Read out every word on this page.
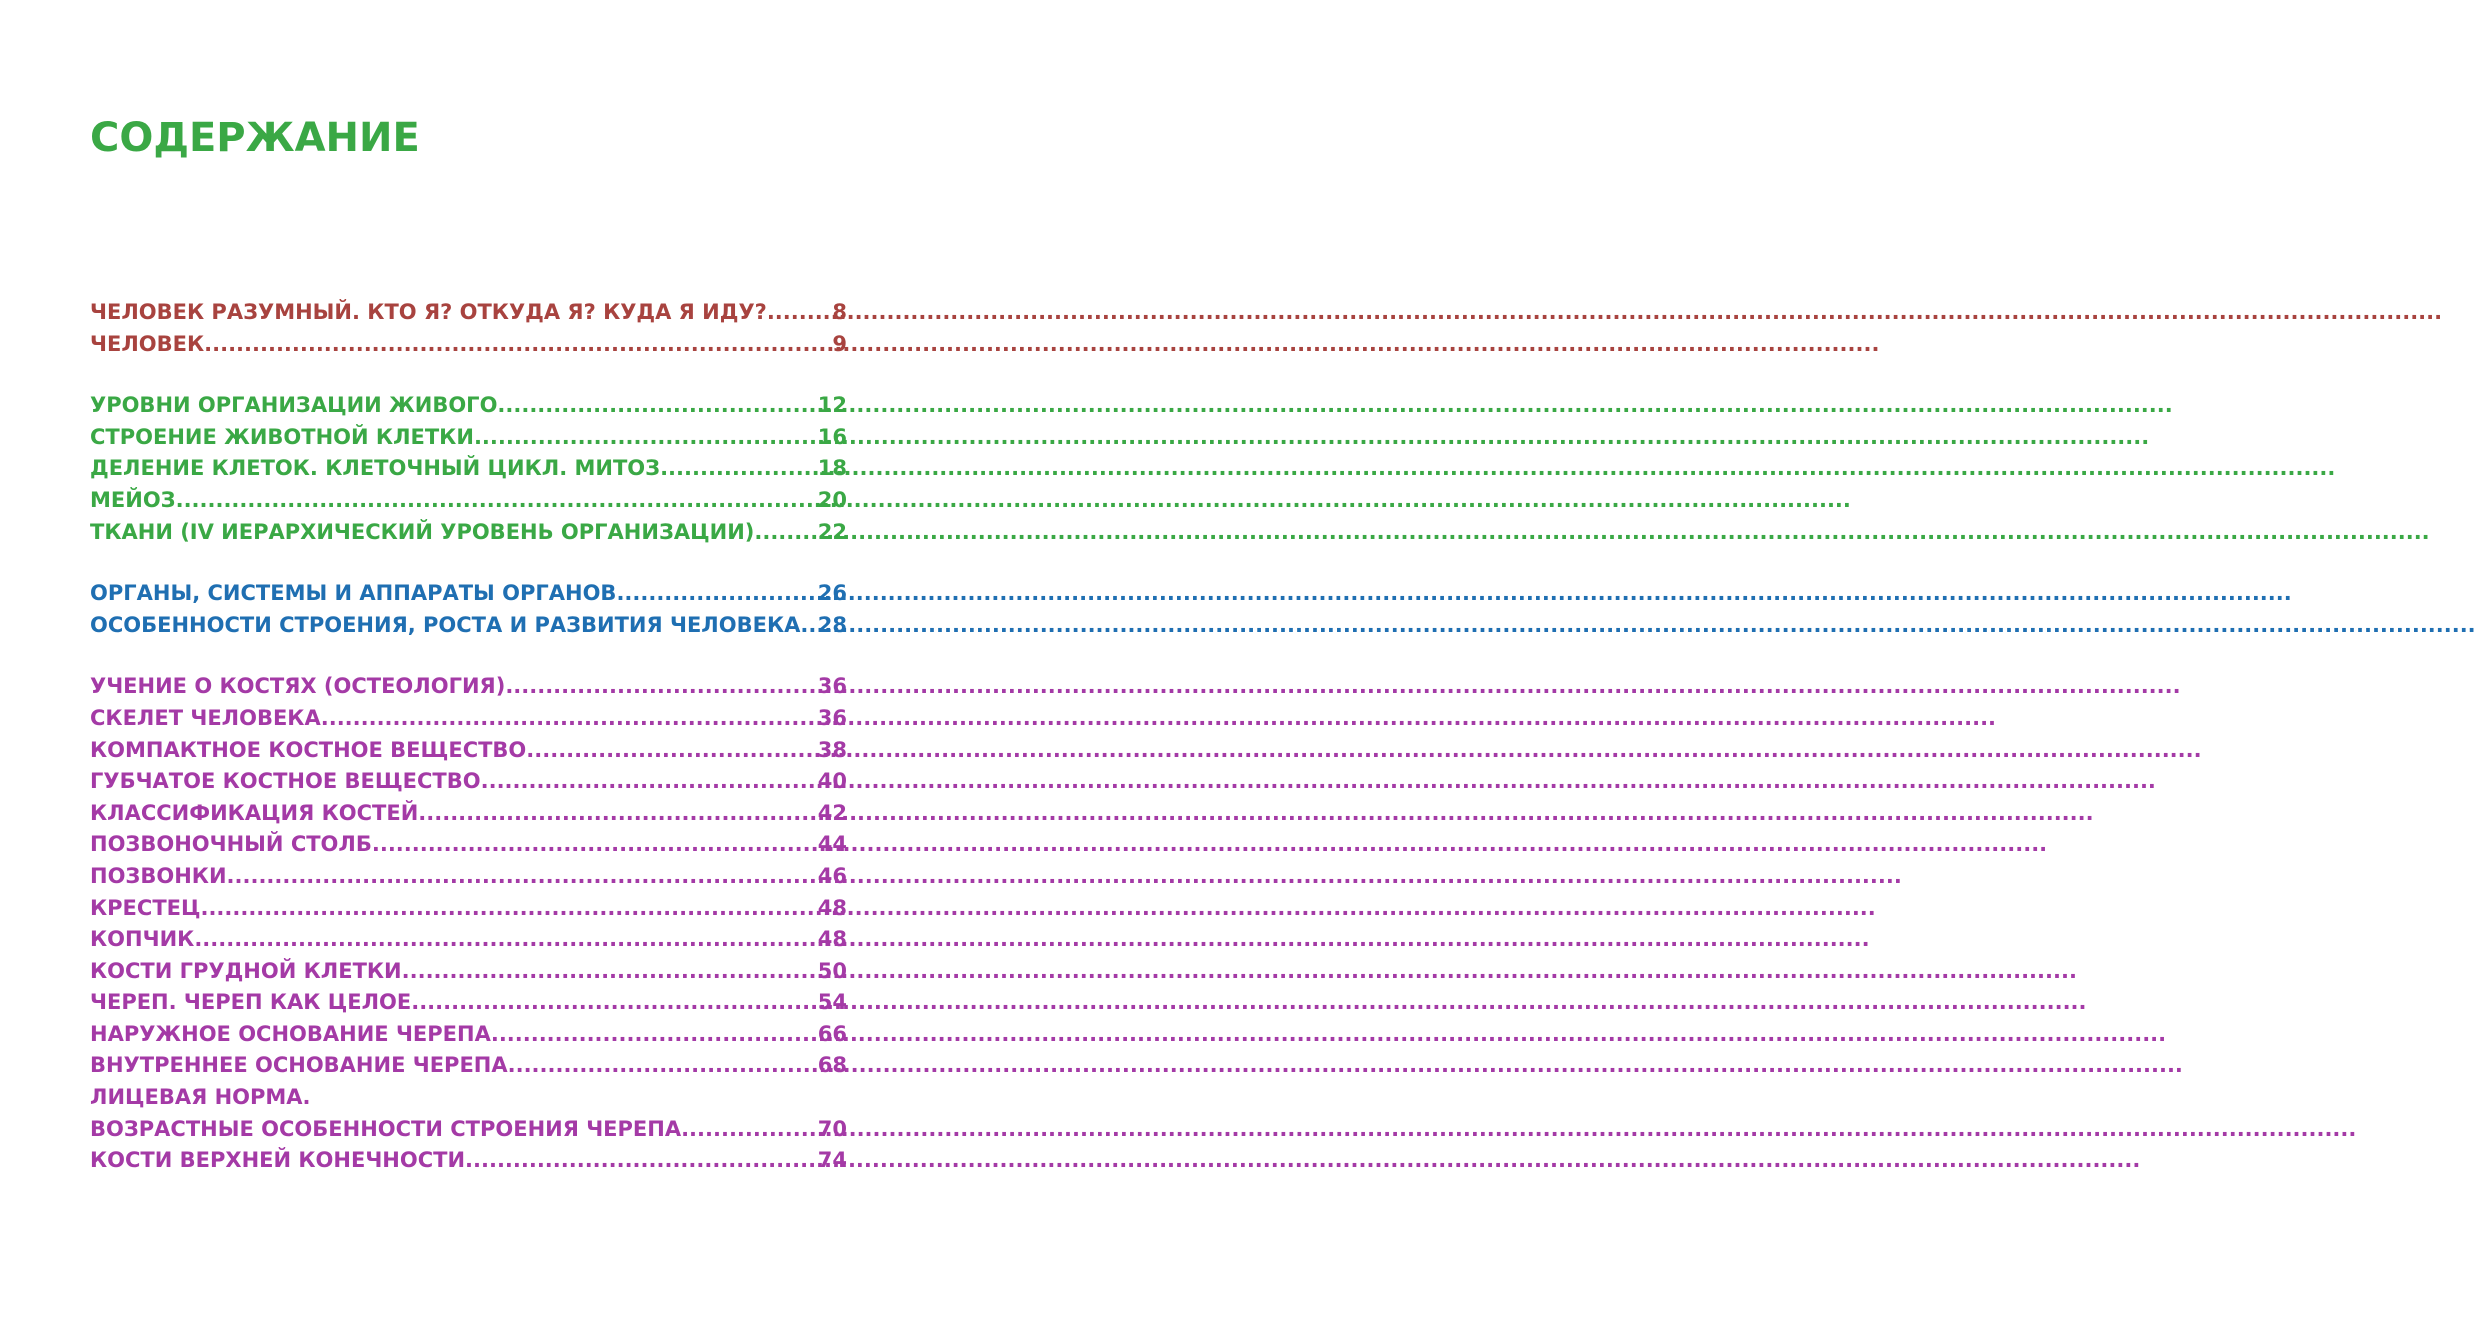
СОДЕРЖАНИЕ
ЧЕЛОВЕК РАЗУМНЫЙ. КТО Я? ОТКУДА Я? КУДА Я ИДУ? .....	8
ЧЕЛОВЕК .....	9
УРОВНИ ОРГАНИЗАЦИИ ЖИВОГО .....	12
СТРОЕНИЕ ЖИВОТНОЙ КЛЕТКИ .....	16
ДЕЛЕНИЕ КЛЕТОК. КЛЕТОЧНЫЙ ЦИКЛ. МИТОЗ .....	18
МЕЙОЗ .....	20
ТКАНИ (IV ИЕРАРХИЧЕСКИЙ УРОВЕНЬ ОРГАНИЗАЦИИ) .....	22
ОРГАНЫ, СИСТЕМЫ И АППАРАТЫ ОРГАНОВ .....	26
ОСОБЕННОСТИ СТРОЕНИЯ, РОСТА И РАЗВИТИЯ ЧЕЛОВЕКА ..... 28
УЧЕНИЕ О КОСТЯХ (ОСТЕОЛОГИЯ) .....	36
СКЕЛЕТ ЧЕЛОВЕКА .....	36
КОМПАКТНОЕ КОСТНОЕ ВЕЩЕСТВО .....	38
ГУБЧАТОЕ КОСТНОЕ ВЕЩЕСТВО .....	40
КЛАССИФИКАЦИЯ КОСТЕЙ .....	42
ПОЗВОНОЧНЫЙ СТОЛБ .....	44
ПОЗВОНКИ .....	46
КРЕСТЕЦ .....	48
КОПЧИК .....	48
КОСТИ ГРУДНОЙ КЛЕТКИ .....	50
ЧЕРЕП. ЧЕРЕП КАК ЦЕЛОЕ .....	54
НАРУЖНОЕ ОСНОВАНИЕ ЧЕРЕПА .....	66
ВНУТРЕННЕЕ ОСНОВАНИЕ ЧЕРЕПА .....	68
ЛИЦЕВАЯ НОРМА.
ВОЗРАСТНЫЕ ОСОБЕННОСТИ СТРОЕНИЯ ЧЕРЕПА .....	70
КОСТИ ВЕРХНЕЙ КОНЕЧНОСТИ .....	74
